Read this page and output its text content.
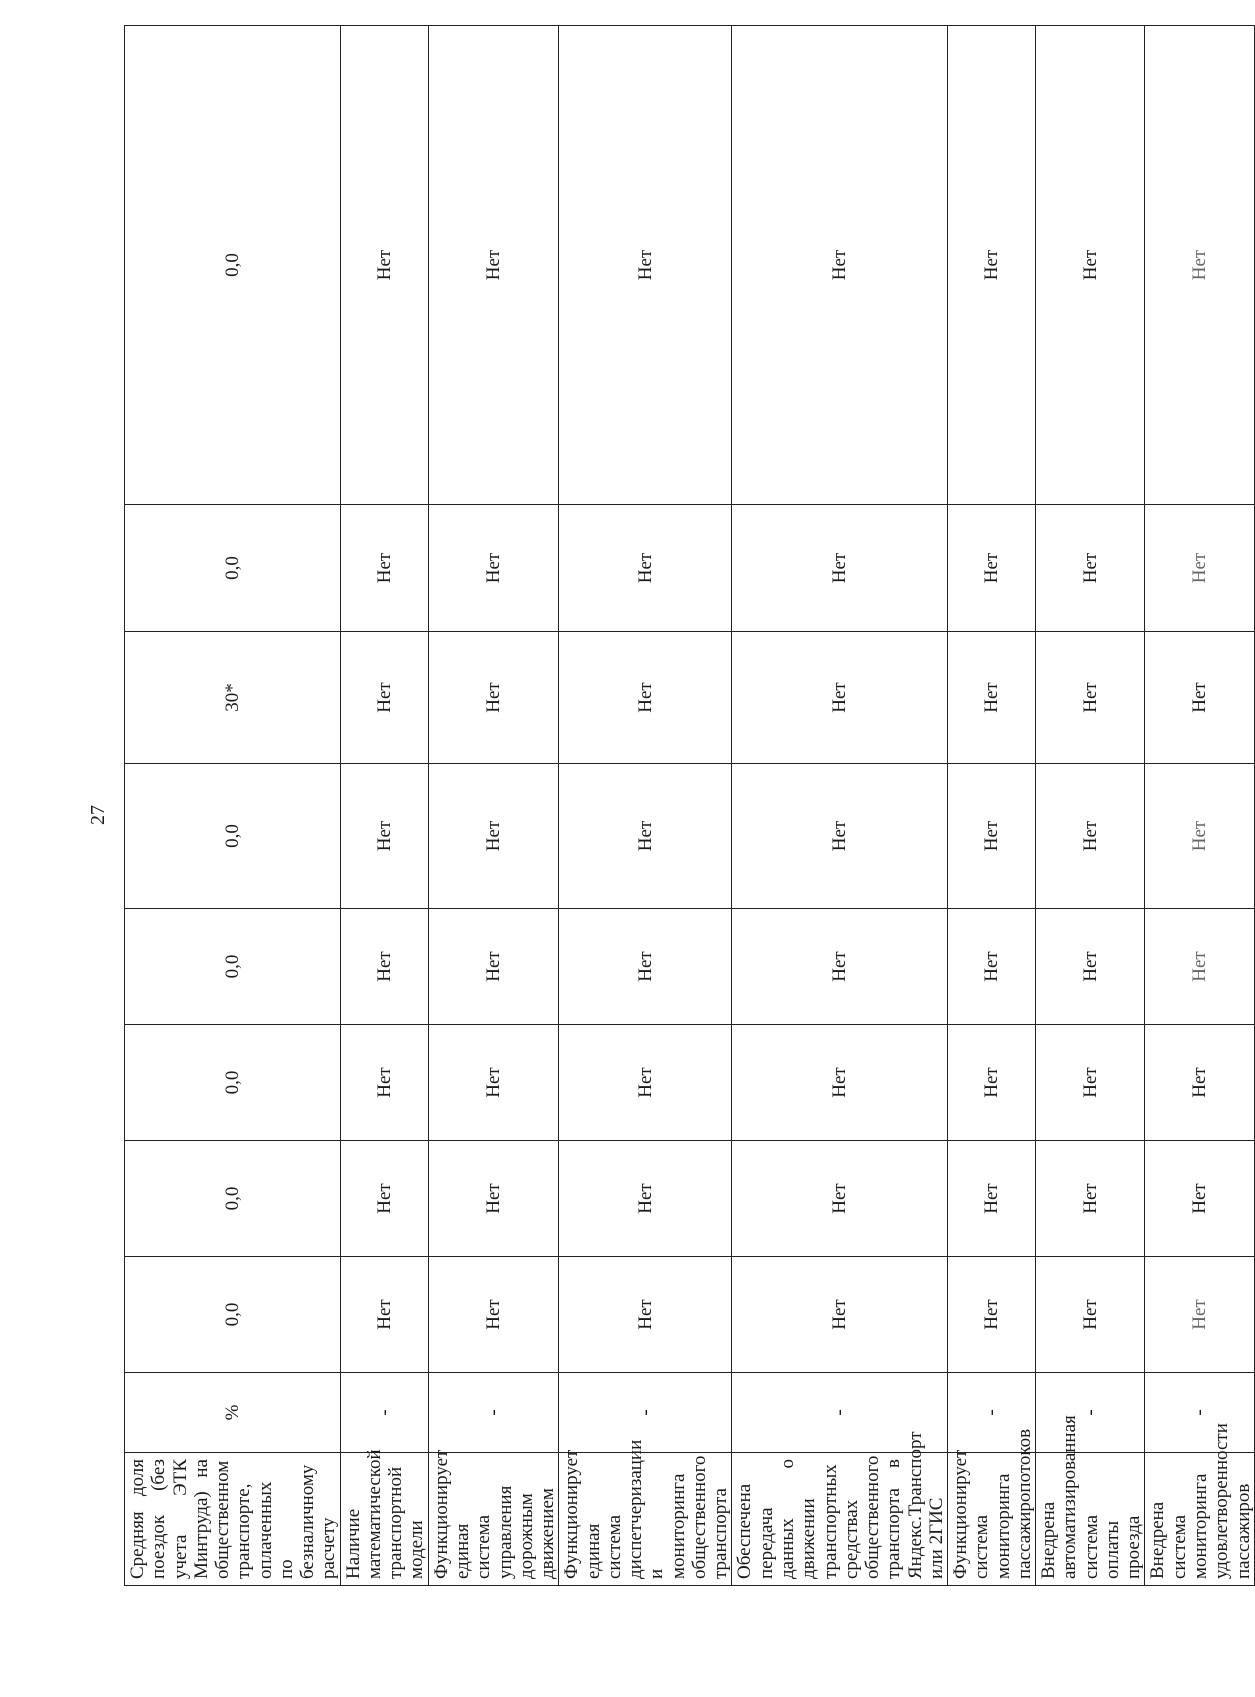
27
Средняя доля поездок (без учета ЭТК Минтруда) на общественном транспорте, оплаченных по безналичному расчету	%	0,0	0,0	0,0	0,0	0,0	30*	0,0	0,0
Наличие математической транспортной модели	-	Нет	Нет	Нет	Нет	Нет	Нет	Нет	Нет
Функционирует единая система управления дорожным движением	-	Нет	Нет	Нет	Нет	Нет	Нет	Нет	Нет
Функционирует единая система диспетчеризации и мониторинга общественного транспорта	-	Нет	Нет	Нет	Нет	Нет	Нет	Нет	Нет
Обеспечена передача данных о движении транспортных средствах общественного транспорта в Яндекс.Транспорт или 2ГИС	-	Нет	Нет	Нет	Нет	Нет	Нет	Нет	Нет
Функционирует система мониторинга пассажиропотоков	-	Нет	Нет	Нет	Нет	Нет	Нет	Нет	Нет
Внедрена автоматизированная система оплаты проезда	-	Нет	Нет	Нет	Нет	Нет	Нет	Нет	Нет
Внедрена система мониторинга удовлетворенности пассажиров	-	Нет	Нет	Нет	Нет	Нет	Нет	Нет	Нет
